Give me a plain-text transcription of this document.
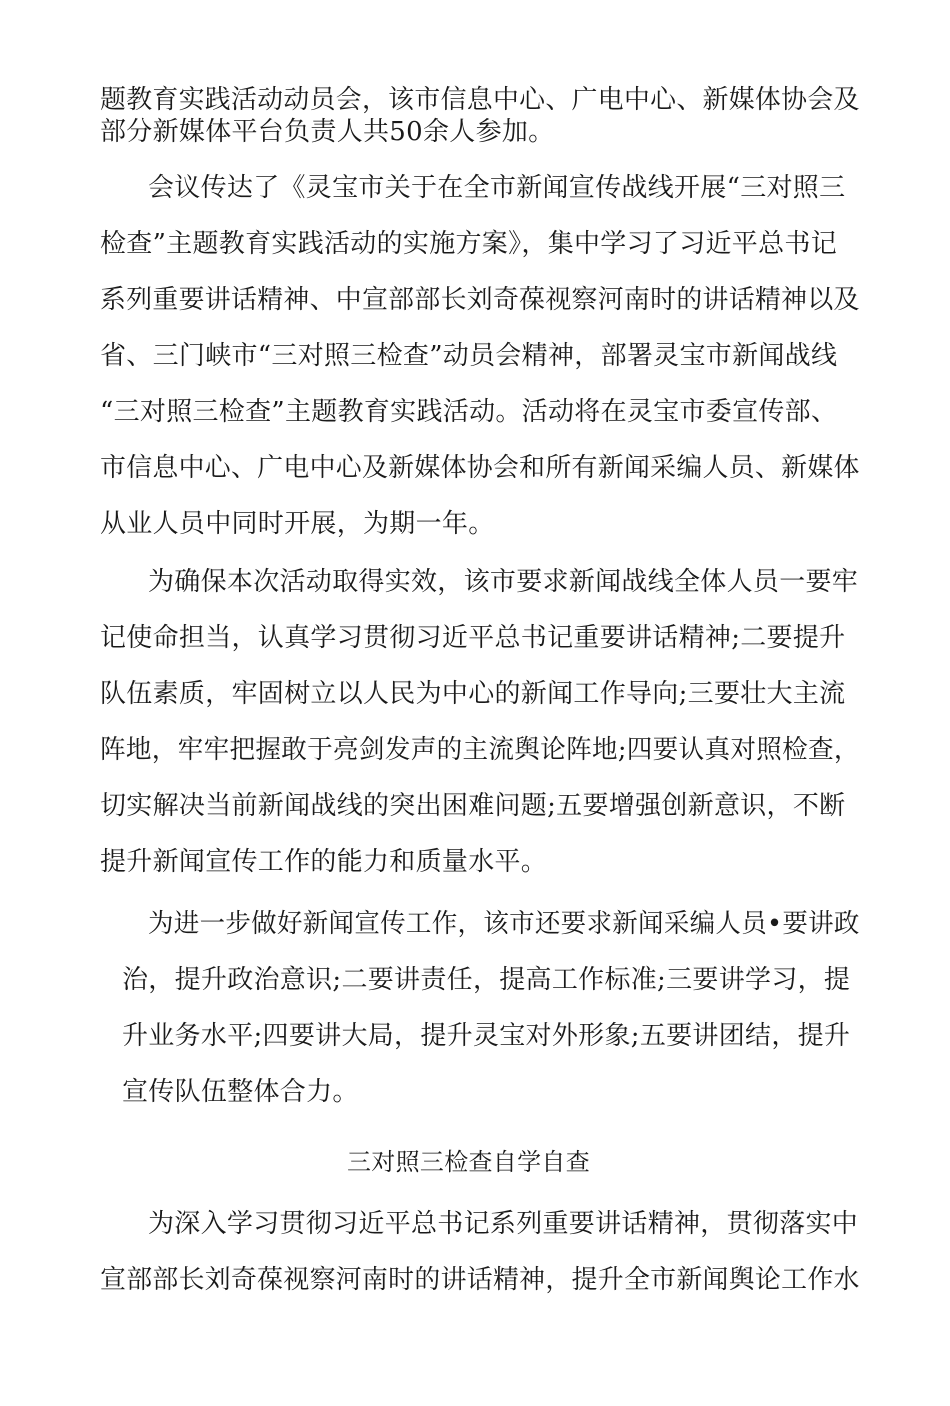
题教育实践活动动员会，该市信息中心、广电中心、新媒体协会及

部分新媒体平台负责人共50余人参加。

会议传达了《灵宝市关于在全市新闻宣传战线开展“三对照三

检查”主题教育实践活动的实施方案》，集中学习了习近平总书记

系列重要讲话精神、中宣部部长刘奇葆视察河南时的讲话精神以及

省、三门峡市“三对照三检查”动员会精神，部署灵宝市新闻战线

“三对照三检查”主题教育实践活动。活动将在灵宝市委宣传部、

市信息中心、广电中心及新媒体协会和所有新闻采编人员、新媒体

从业人员中同时开展，为期一年。

为确保本次活动取得实效，该市要求新闻战线全体人员一要牢

记使命担当，认真学习贯彻习近平总书记重要讲话精神;二要提升

队伍素质，牢固树立以人民为中心的新闻工作导向;三要壮大主流

阵地，牢牢把握敢于亮剑发声的主流舆论阵地;四要认真对照检查，

切实解决当前新闻战线的突出困难问题;五要增强创新意识，不断

提升新闻宣传工作的能力和质量水平。

为进一步做好新闻宣传工作，该市还要求新闻采编人员•要讲政

治，提升政治意识;二要讲责任，提高工作标准;三要讲学习，提

升业务水平;四要讲大局，提升灵宝对外形象;五要讲团结，提升

宣传队伍整体合力。

三对照三检查自学自查

为深入学习贯彻习近平总书记系列重要讲话精神，贯彻落实中

宣部部长刘奇葆视察河南时的讲话精神，提升全市新闻舆论工作水
